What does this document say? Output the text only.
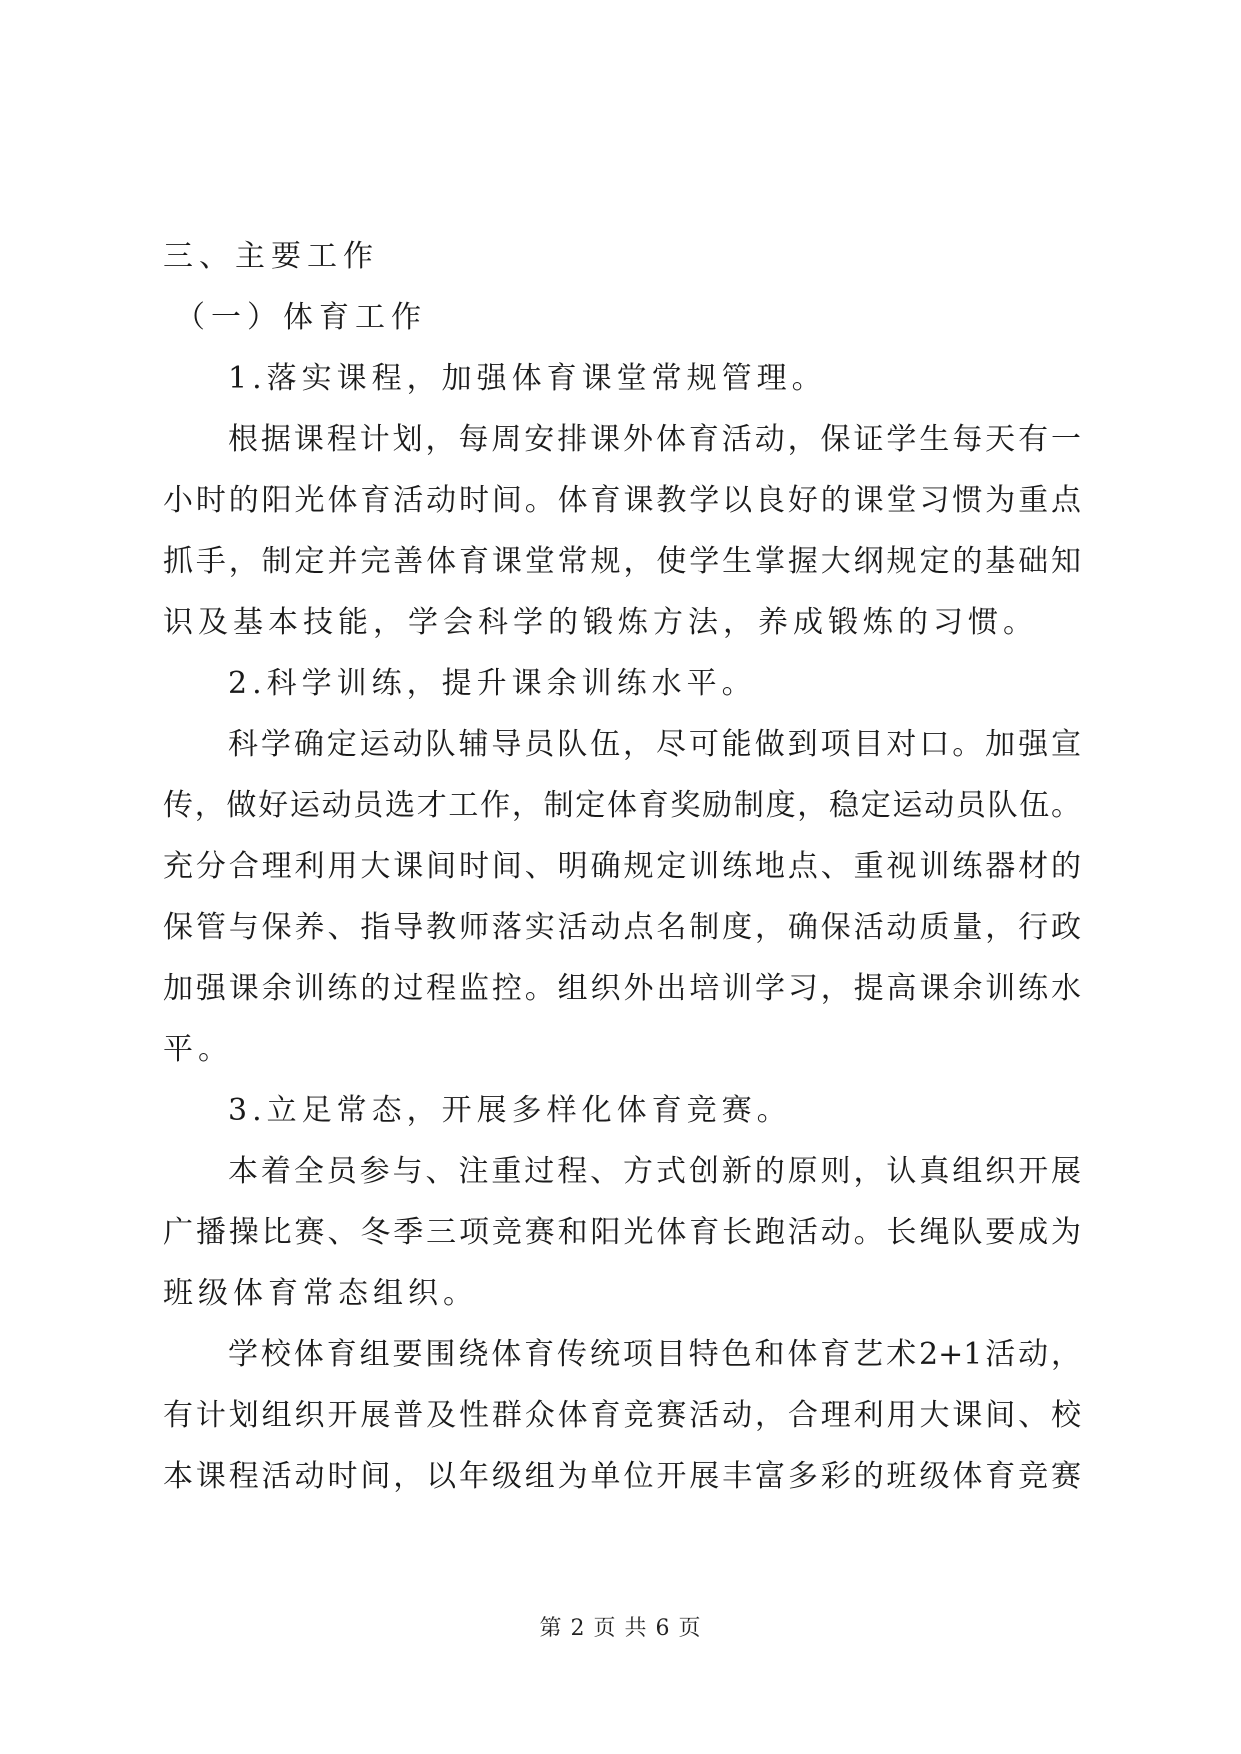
三、主要工作
（一）体育工作
1.落实课程，加强体育课堂常规管理。
根据课程计划，每周安排课外体育活动，保证学生每天有一
小时的阳光体育活动时间。体育课教学以良好的课堂习惯为重点
抓手，制定并完善体育课堂常规，使学生掌握大纲规定的基础知
识及基本技能，学会科学的锻炼方法，养成锻炼的习惯。
2.科学训练，提升课余训练水平。
科学确定运动队辅导员队伍，尽可能做到项目对口。加强宣
传，做好运动员选才工作，制定体育奖励制度，稳定运动员队伍。
充分合理利用大课间时间、明确规定训练地点、重视训练器材的
保管与保养、指导教师落实活动点名制度，确保活动质量，行政
加强课余训练的过程监控。组织外出培训学习，提高课余训练水
平。
3.立足常态，开展多样化体育竞赛。
本着全员参与、注重过程、方式创新的原则，认真组织开展
广播操比赛、冬季三项竞赛和阳光体育长跑活动。长绳队要成为
班级体育常态组织。
学校体育组要围绕体育传统项目特色和体育艺术2+1活动，
有计划组织开展普及性群众体育竞赛活动，合理利用大课间、校
本课程活动时间，以年级组为单位开展丰富多彩的班级体育竞赛
第 2 页 共 6 页
